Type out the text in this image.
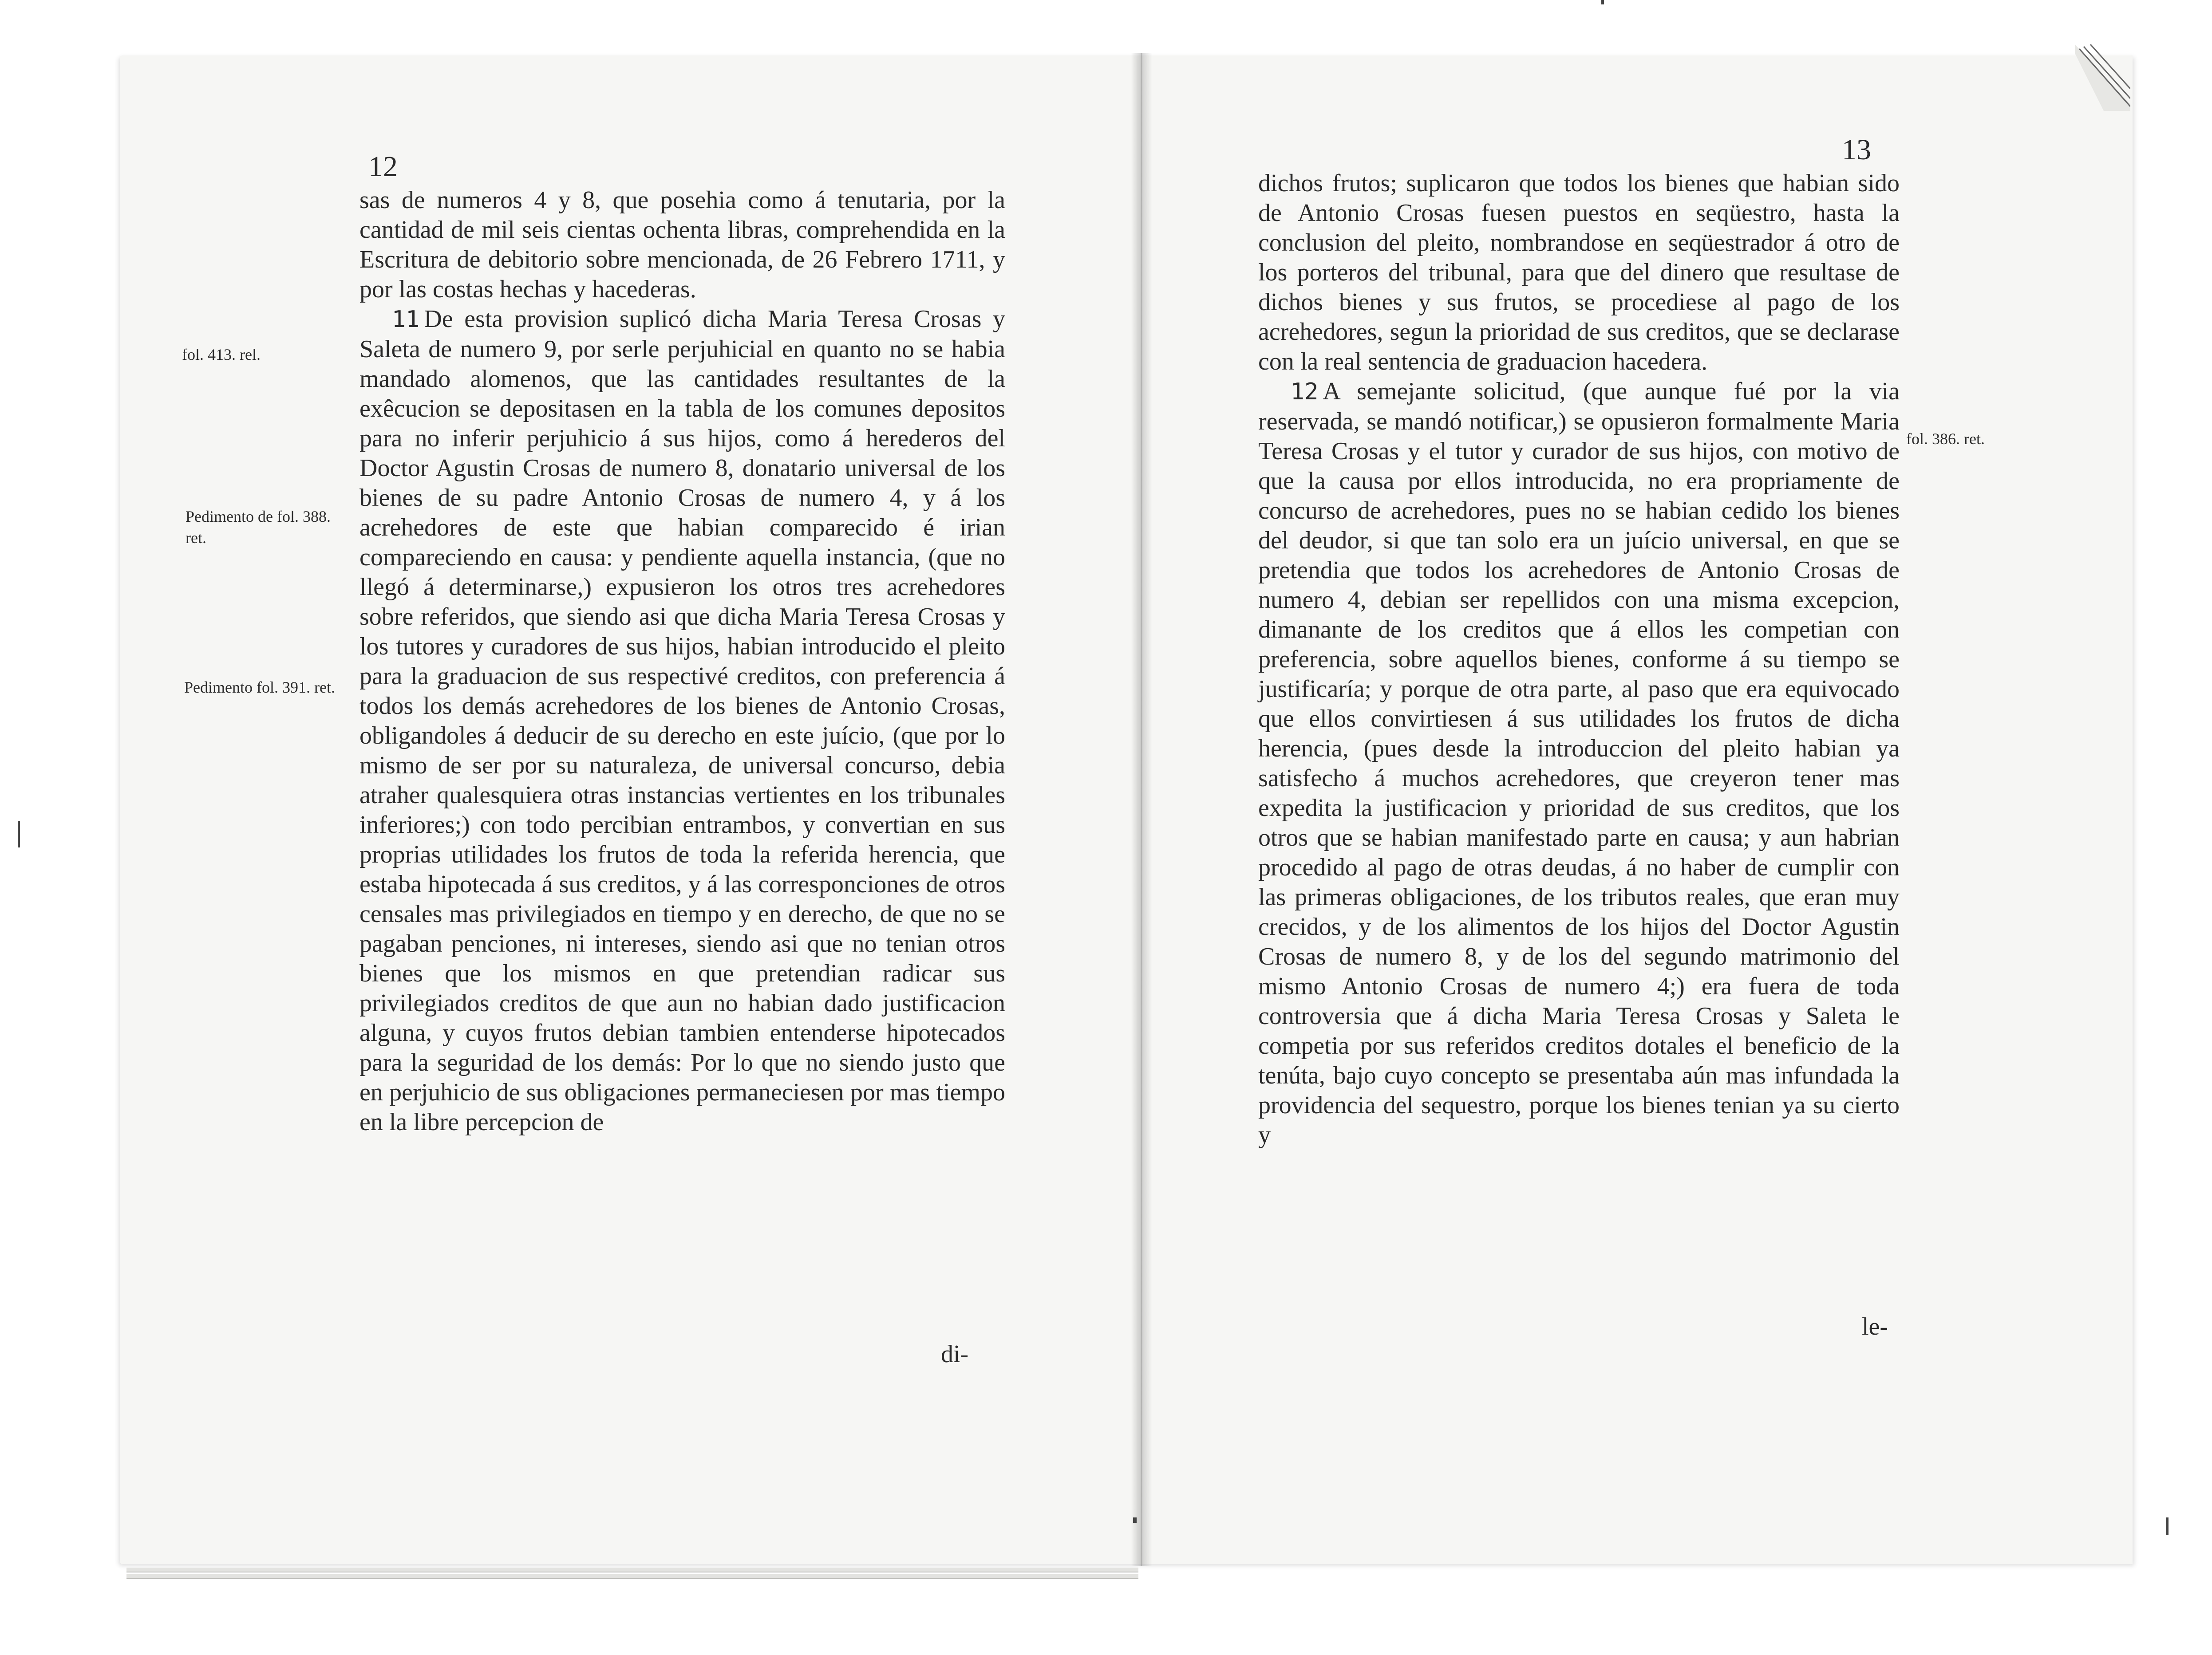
12
13

sas de numeros 4 y 8, que posehia como á tenutaria, por la cantidad de mil seis cientas ochenta libras, comprehendida en la Escritura de debitorio sobre mencionada, de 26 Febrero 1711, y por las costas hechas y hacederas.

11 De esta provision suplicó dicha Maria Teresa Crosas y Saleta de numero 9, por serle perjuhicial en quanto no se habia mandado alomenos, que las cantidades resultantes de la exêcucion se depositasen en la tabla de los comunes depositos para no inferir perjuhicio á sus hijos, como á herederos del Doctor Agustin Crosas de numero 8, donatario universal de los bienes de su padre Antonio Crosas de numero 4, y á los acrehedores de este que habian comparecido é irian compareciendo en causa: y pendiente aquella instancia, (que no llegó á determinarse,) expusieron los otros tres acrehedores sobre referidos, que siendo asi que dicha Maria Teresa Crosas y los tutores y curadores de sus hijos, habian introducido el pleito para la graduacion de sus respectivé creditos, con preferencia á todos los demás acrehedores de los bienes de Antonio Crosas, obligandoles á deducir de su derecho en este juício, (que por lo mismo de ser por su naturaleza, de universal concurso, debia atraher qualesquiera otras instancias vertientes en los tribunales inferiores;) con todo percibian entrambos, y convertian en sus proprias utilidades los frutos de toda la referida herencia, que estaba hipotecada á sus creditos, y á las corresponciones de otros censales mas privilegiados en tiempo y en derecho, de que no se pagaban penciones, ni intereses, siendo asi que no tenian otros bienes que los mismos en que pretendian radicar sus privilegiados creditos de que aun no habian dado justificacion alguna, y cuyos frutos debian tambien entenderse hipotecados para la seguridad de los demás: Por lo que no siendo justo que en perjuhicio de sus obligaciones permaneciesen por mas tiempo en la libre percepcion de

di-

dichos frutos; suplicaron que todos los bienes que habian sido de Antonio Crosas fuesen puestos en seqüestro, hasta la conclusion del pleito, nombrandose en seqüestrador á otro de los porteros del tribunal, para que del dinero que resultase de dichos bienes y sus frutos, se procediese al pago de los acrehedores, segun la prioridad de sus creditos, que se declarase con la real sentencia de graduacion hacedera.

12 A semejante solicitud, (que aunque fué por la via reservada, se mandó notificar,) se opusieron formalmente Maria Teresa Crosas y el tutor y curador de sus hijos, con motivo de que la causa por ellos introducida, no era propriamente de concurso de acrehedores, pues no se habian cedido los bienes del deudor, si que tan solo era un juício universal, en que se pretendia que todos los acrehedores de Antonio Crosas de numero 4, debian ser repellidos con una misma excepcion, dimanante de los creditos que á ellos les competian con preferencia, sobre aquellos bienes, conforme á su tiempo se justificaría; y porque de otra parte, al paso que era equivocado que ellos convirtiesen á sus utilidades los frutos de dicha herencia, (pues desde la introduccion del pleito habian ya satisfecho á muchos acrehedores, que creyeron tener mas expedita la justificacion y prioridad de sus creditos, que los otros que se habian manifestado parte en causa; y aun habrian procedido al pago de otras deudas, á no haber de cumplir con las primeras obligaciones, de los tributos reales, que eran muy crecidos, y de los alimentos de los hijos del Doctor Agustin Crosas de numero 8, y de los del segundo matrimonio del mismo Antonio Crosas de numero 4;) era fuera de toda controversia que á dicha Maria Teresa Crosas y Saleta le competia por sus referidos creditos dotales el beneficio de la tenúta, bajo cuyo concepto se presentaba aún mas infundada la providencia del sequestro, porque los bienes tenian ya su cierto y

le-
fol. 413. rel.
Pedimento de fol. 388. ret.
Pedimento fol. 391. ret.
fol. 386. ret.
